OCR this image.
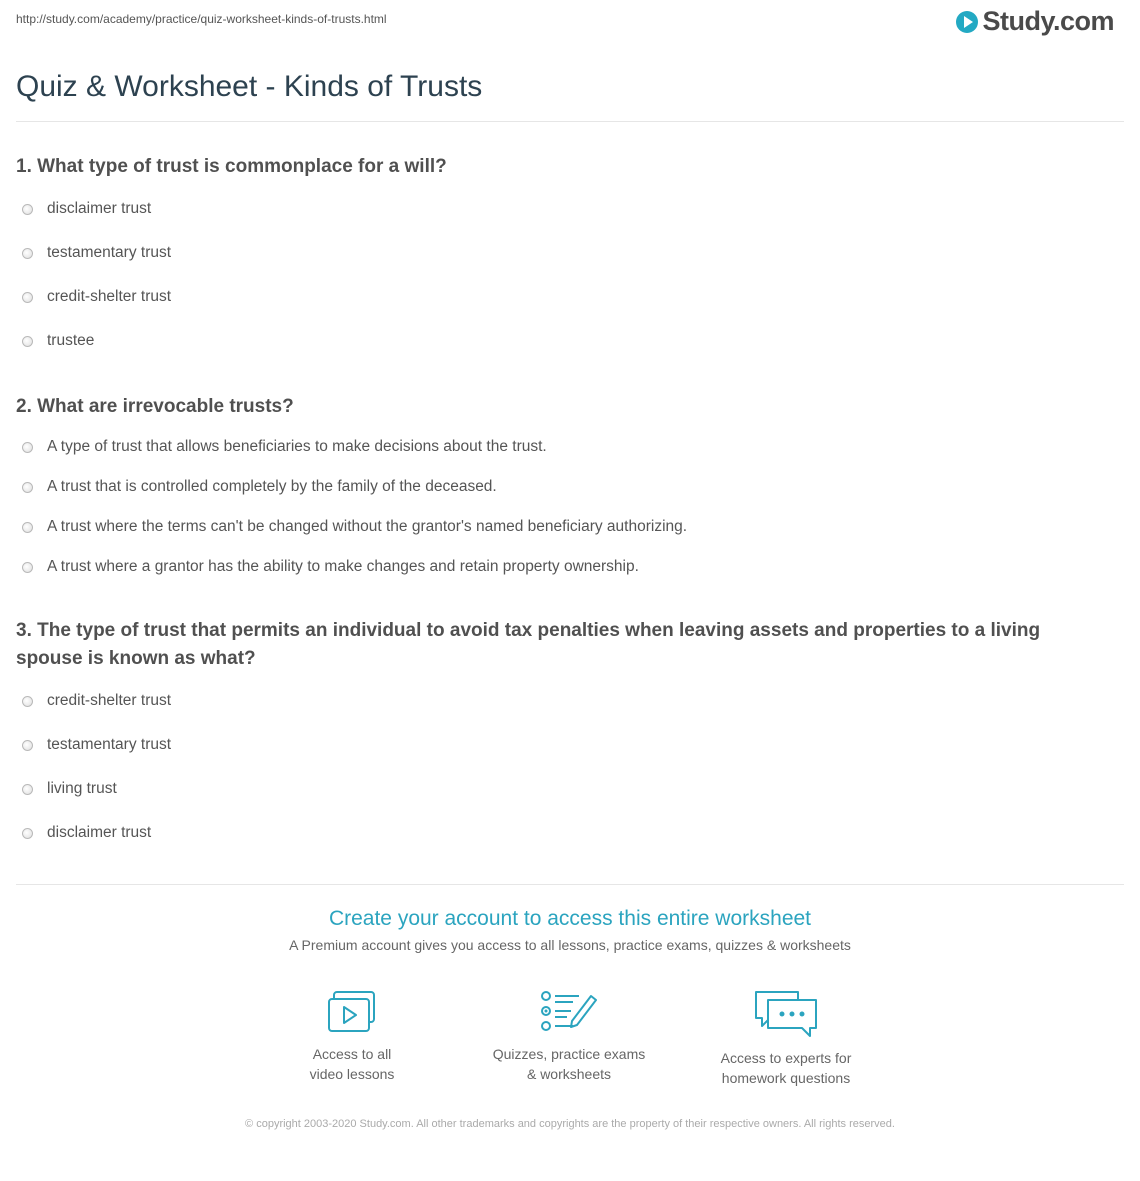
http://study.com/academy/practice/quiz-worksheet-kinds-of-trusts.html	Study.com
Quiz & Worksheet - Kinds of Trusts
1. What type of trust is commonplace for a will?
disclaimer trust
testamentary trust
credit-shelter trust
trustee
2. What are irrevocable trusts?
A type of trust that allows beneficiaries to make decisions about the trust.
A trust that is controlled completely by the family of the deceased.
A trust where the terms can't be changed without the grantor's named beneficiary authorizing.
A trust where a grantor has the ability to make changes and retain property ownership.
3. The type of trust that permits an individual to avoid tax penalties when leaving assets and properties to a living spouse is known as what?
credit-shelter trust
testamentary trust
living trust
disclaimer trust
Create your account to access this entire worksheet
A Premium account gives you access to all lessons, practice exams, quizzes & worksheets
Access to all
video lessons
Quizzes, practice exams
& worksheets
Access to experts for
homework questions
© copyright 2003-2020 Study.com. All other trademarks and copyrights are the property of their respective owners. All rights reserved.
